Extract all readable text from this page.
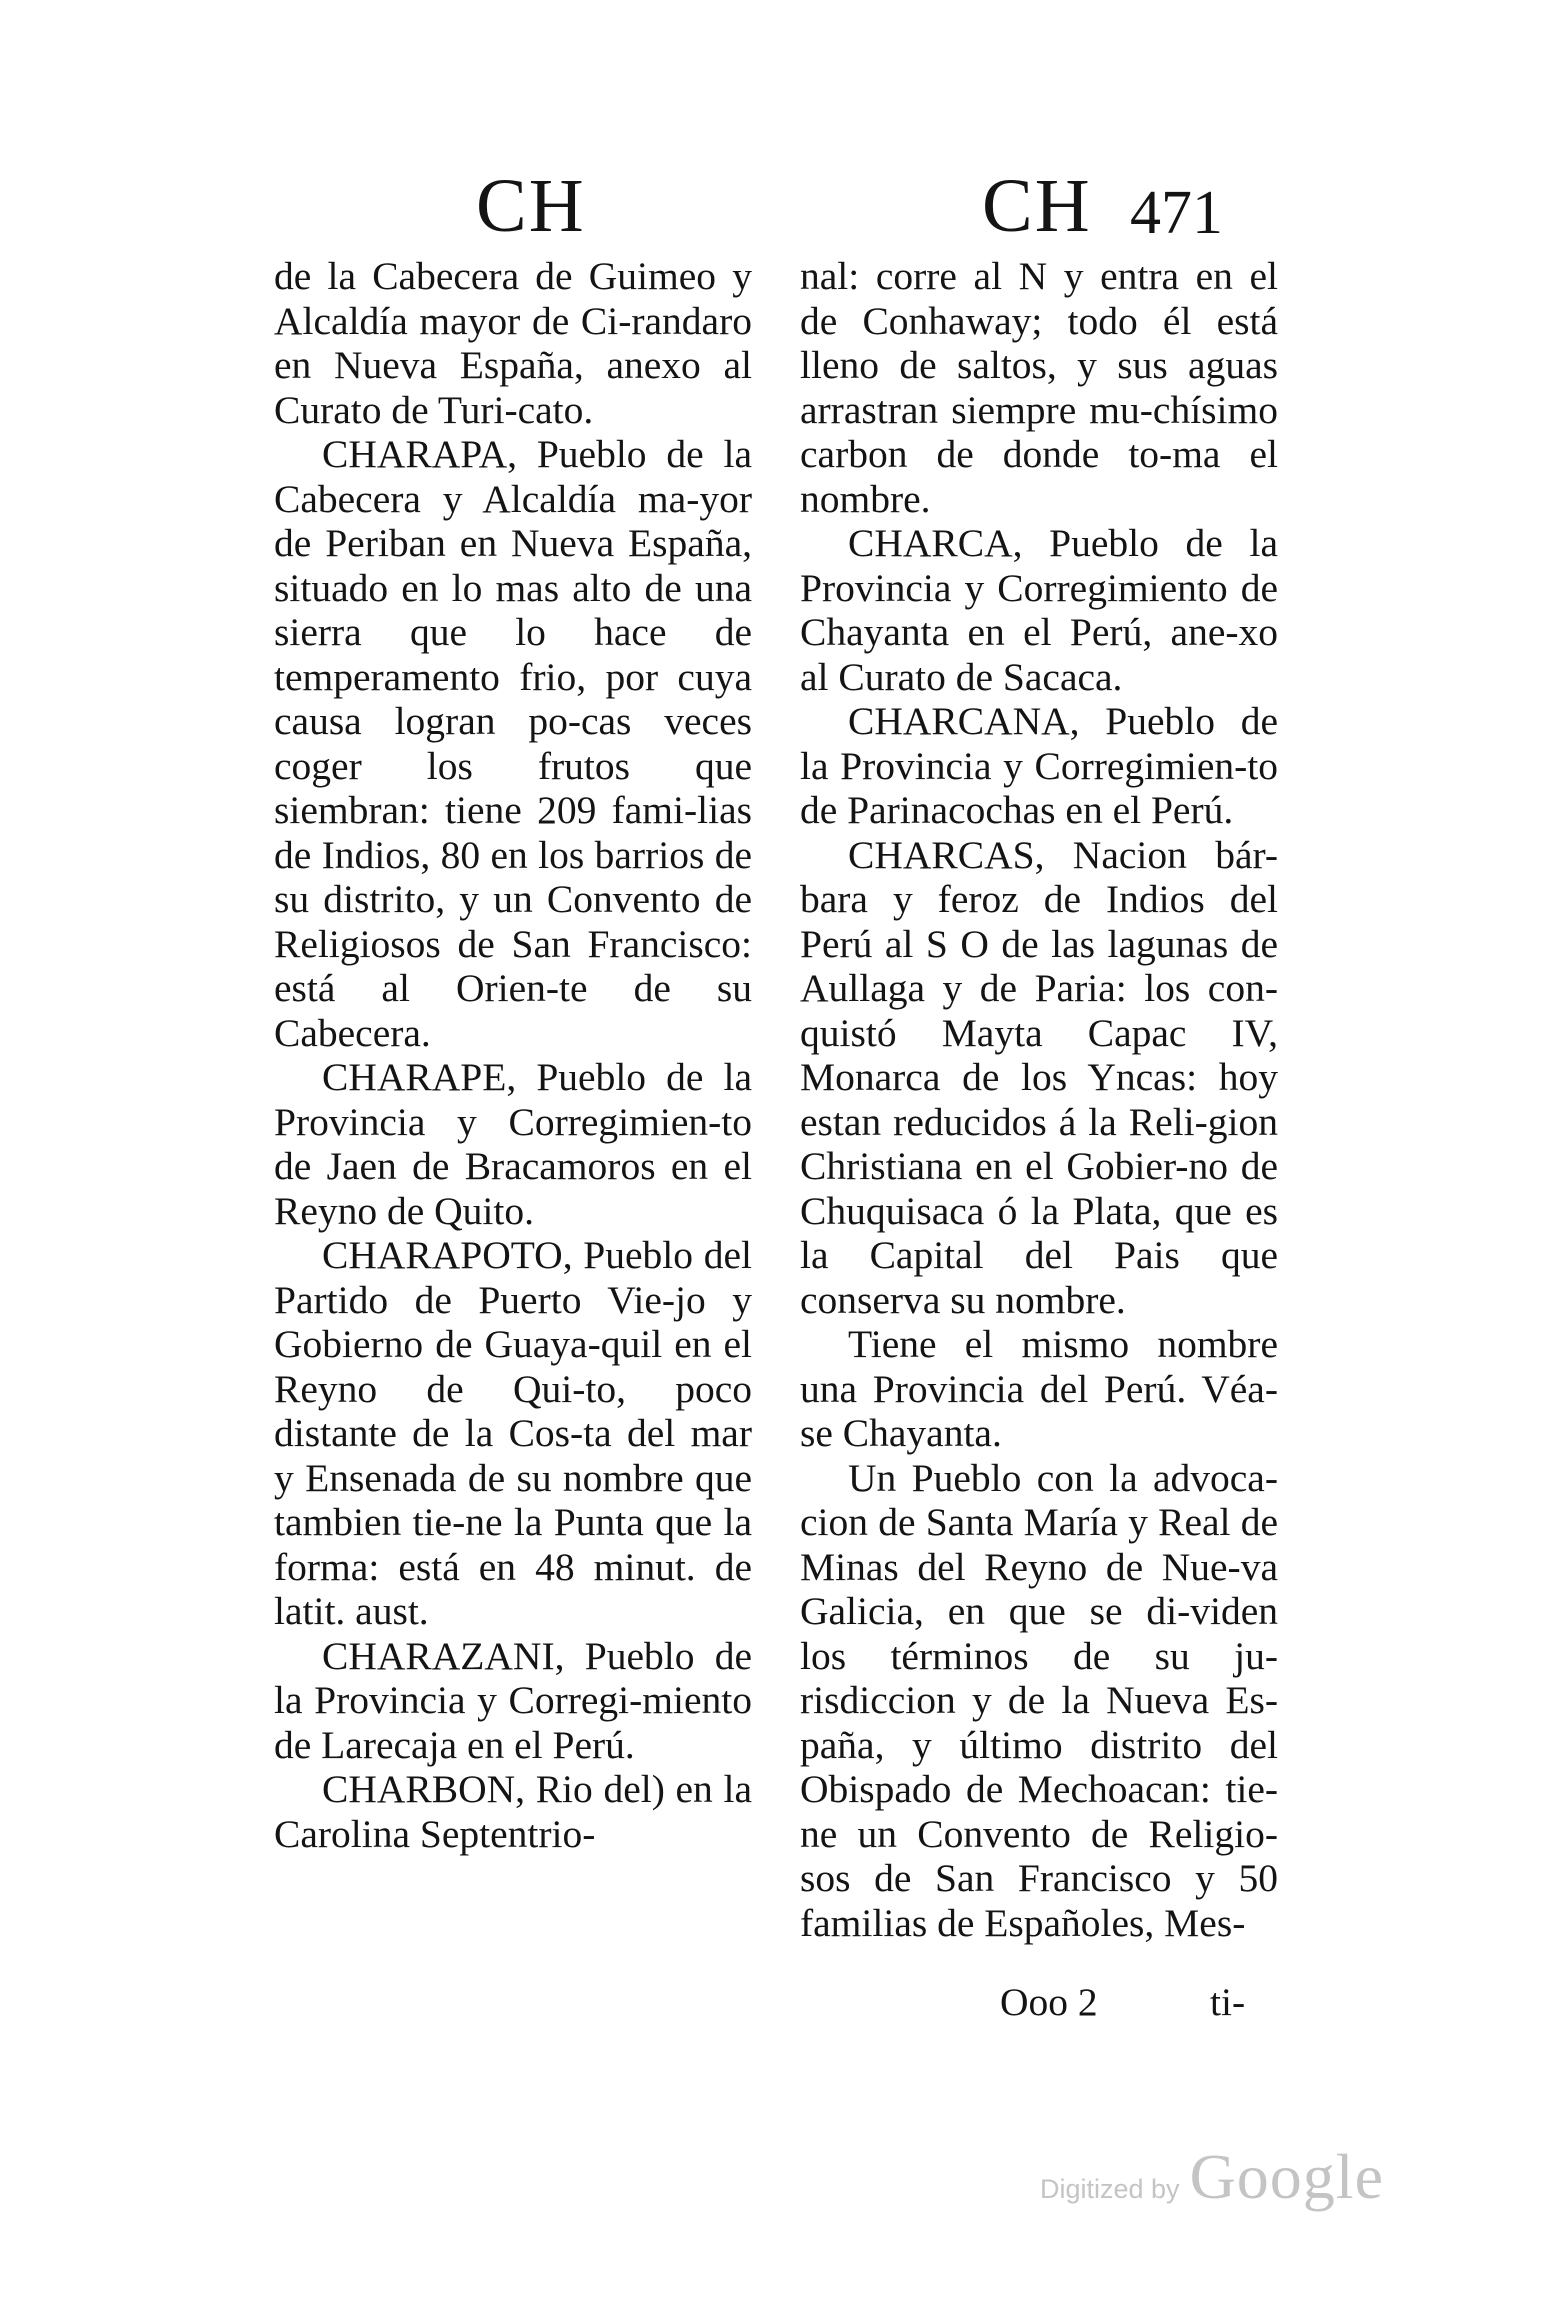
CH	CH 471

de la Cabecera de Guimeo y Alcaldía mayor de Ci-randaro en Nueva España, anexo al Curato de Turi-cato.

CHARAPA, Pueblo de la Cabecera y Alcaldía ma-yor de Periban en Nueva España, situado en lo mas alto de una sierra que lo hace de temperamento frio, por cuya causa logran po-cas veces coger los frutos que siembran: tiene 209 fami-lias de Indios, 80 en los barrios de su distrito, y un Convento de Religiosos de San Francisco: está al Orien-te de su Cabecera.

CHARAPE, Pueblo de la Provincia y Corregimien-to de Jaen de Bracamoros en el Reyno de Quito.

CHARAPOTO, Pueblo del Partido de Puerto Vie-jo y Gobierno de Guaya-quil en el Reyno de Qui-to, poco distante de la Cos-ta del mar y Ensenada de su nombre que tambien tie-ne la Punta que la forma: está en 48 minut. de latit. aust.

CHARAZANI, Pueblo de la Provincia y Corregi-miento de Larecaja en el Perú.

CHARBON, Rio del) en la Carolina Septentrio-

nal: corre al N y entra en el de Conhaway; todo él está lleno de saltos, y sus aguas arrastran siempre mu-chísimo carbon de donde to-ma el nombre.

CHARCA, Pueblo de la Provincia y Corregimiento de Chayanta en el Perú, ane-xo al Curato de Sacaca.

CHARCANA, Pueblo de la Provincia y Corregimien-to de Parinacochas en el Perú.

CHARCAS, Nacion bár-bara y feroz de Indios del Perú al S O de las lagunas de Aullaga y de Paria: los con-quistó Mayta Capac IV, Monarca de los Yncas: hoy estan reducidos á la Reli-gion Christiana en el Gobier-no de Chuquisaca ó la Plata, que es la Capital del Pais que conserva su nombre.

Tiene el mismo nombre una Provincia del Perú. Véa-se Chayanta.

Un Pueblo con la advoca-cion de Santa María y Real de Minas del Reyno de Nue-va Galicia, en que se di-viden los términos de su ju-risdiccion y de la Nueva Es-paña, y último distrito del Obispado de Mechoacan: tie-ne un Convento de Religio-sos de San Francisco y 50 familias de Españoles, Mes-

Ooo 2	ti-
Digitized by Google
